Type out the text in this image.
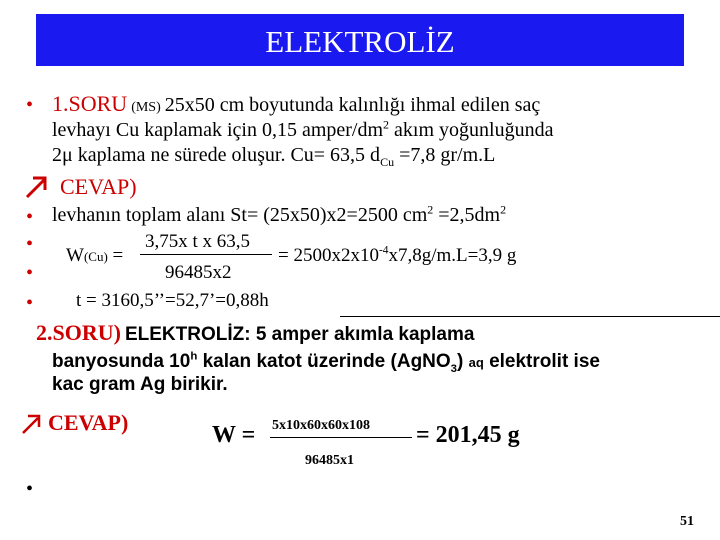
ELEKTROLİZ
• 1.SORU (MS) 25x50 cm boyutunda kalınlığı ihmal edilen saç
levhayı Cu kaplamak için 0,15 amper/$dm^2$ akım yoğunluğunda
2μ kaplama ne sürede oluşur. Cu= 63,5 $d_{Cu} =7,8$ gr/m.L
CEVAP)
• levhanın toplam alanı St= (25x50)x2=2500 $cm^2 =2,5dm^2$
•	3,75x t x 63,5
W(Cu) =	= $2500x2x10^{-4}x7,8g/m.L=3,9$ g
•	96485x2
• t = 3160,5’’=52,7’=0,88h
2.SORU) ELEKTROLİZ: 5 amper akımla kaplama
banyosunda 10$^h$ kalan katot üzerinde (AgNO$_3$) aq elektrolit ise
kac gram Ag birikir.
CEVAP)	W = 5x10x60x60x108 = 201,45 g
96485x1
•
51
